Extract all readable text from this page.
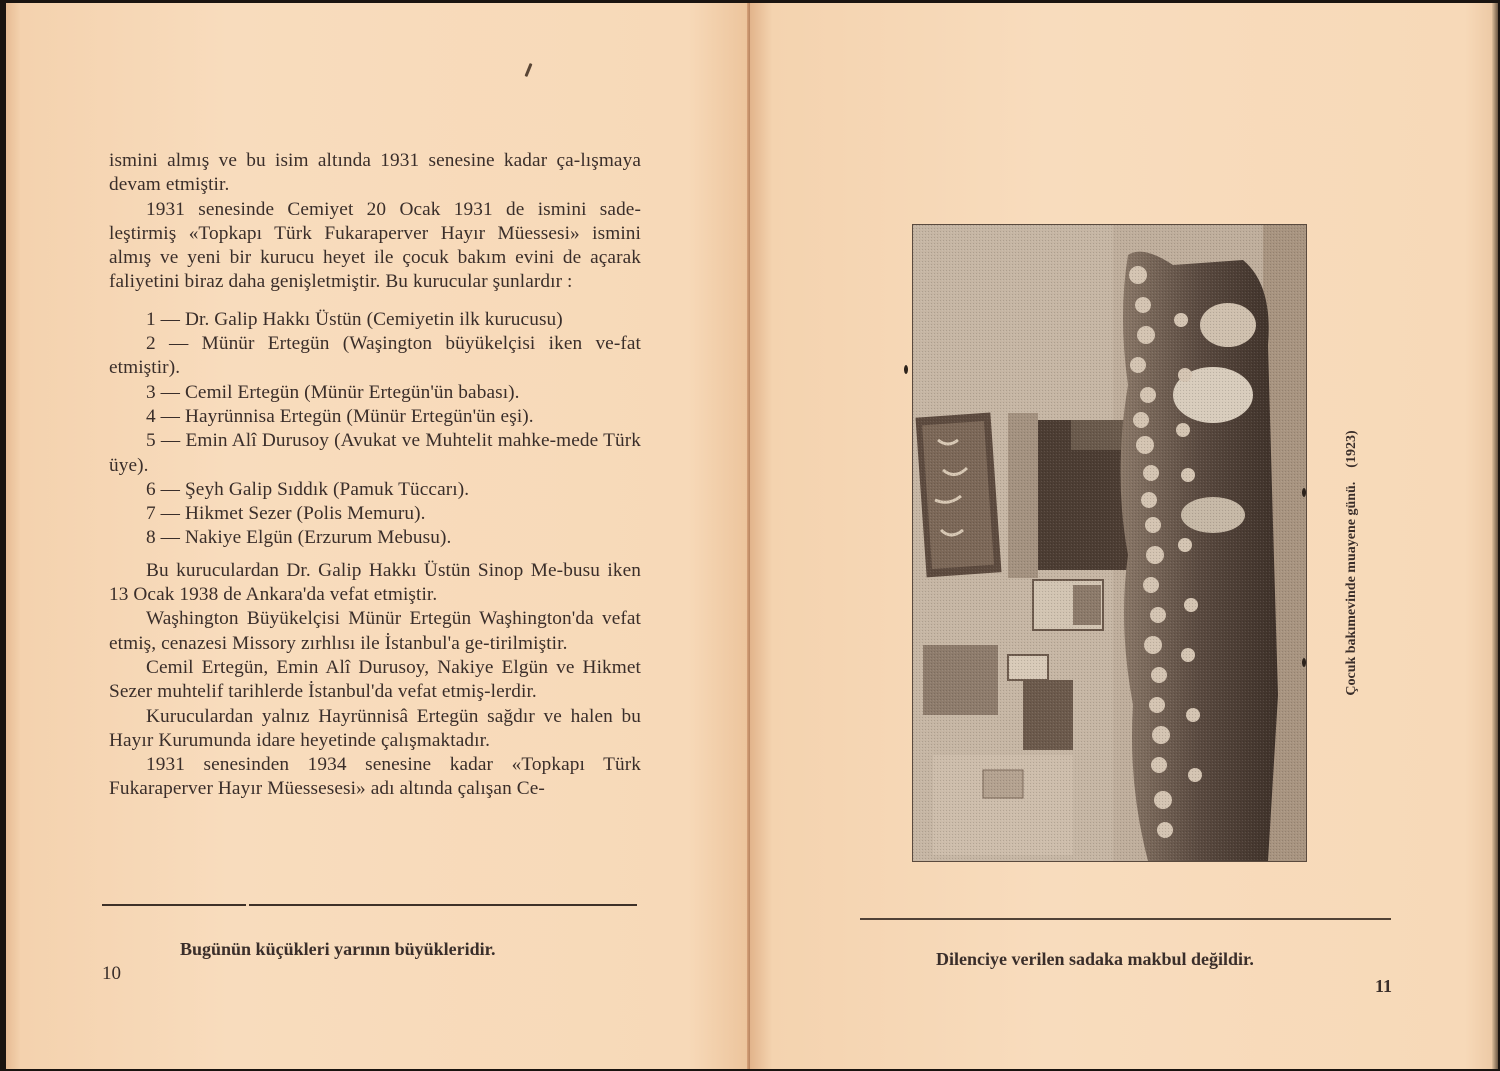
ismini almış ve bu isim altında 1931 senesine kadar ça-lışmaya devam etmiştir.

1931 senesinde Cemiyet 20 Ocak 1931 de ismini sade-leştirmiş «Topkapı Türk Fukaraperver Hayır Müessesi» ismini almış ve yeni bir kurucu heyet ile çocuk bakım evini de açarak faliyetini biraz daha genişletmiştir. Bu kurucular şunlardır :

1 — Dr. Galip Hakkı Üstün (Cemiyetin ilk kurucusu)

2 — Münür Ertegün (Waşington büyükelçisi iken ve-fat etmiştir).

3 — Cemil Ertegün (Münür Ertegün'ün babası).

4 — Hayrünnisa Ertegün (Münür Ertegün'ün eşi).

5 — Emin Alî Durusoy (Avukat ve Muhtelit mahke-mede Türk üye).

6 — Şeyh Galip Sıddık (Pamuk Tüccarı).

7 — Hikmet Sezer (Polis Memuru).

8 — Nakiye Elgün (Erzurum Mebusu).

Bu kuruculardan Dr. Galip Hakkı Üstün Sinop Me-busu iken 13 Ocak 1938 de Ankara'da vefat etmiştir.

Waşhington Büyükelçisi Münür Ertegün Waşhington'da vefat etmiş, cenazesi Missory zırhlısı ile İstanbul'a ge-tirilmiştir.

Cemil Ertegün, Emin Alî Durusoy, Nakiye Elgün ve Hikmet Sezer muhtelif tarihlerde İstanbul'da vefat etmiş-lerdir.

Kuruculardan yalnız Hayrünnisâ Ertegün sağdır ve halen bu Hayır Kurumunda idare heyetinde çalışmaktadır.

1931 senesinden 1934 senesine kadar «Topkapı Türk Fukaraperver Hayır Müessesesi» adı altında çalışan Ce-

Bugünün küçükleri yarının büyükleridir.
10
Çocuk bakımevinde muayene günü.(1923)
Dilenciye verilen sadaka makbul değildir.
11
